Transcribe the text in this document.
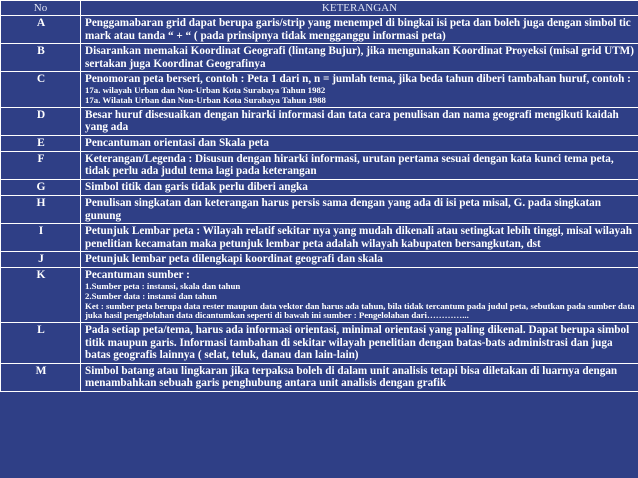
No	KETERANGAN
A	Penggamabaran grid dapat berupa garis/strip yang menempel di bingkai isi peta dan boleh juga dengan simbol tic mark atau tanda “ + “ ( pada prinsipnya tidak mengganggu informasi peta)
B	Disarankan memakai Koordinat Geografi (lintang Bujur), jika mengunakan Koordinat Proyeksi (misal grid UTM) sertakan juga Koordinat Geografinya
C	Penomoran peta berseri, contoh : Peta 1 dari n, n = jumlah tema, jika beda tahun diberi tambahan huruf, contoh :
17a. wilayah Urban dan Non-Urban Kota Surabaya Tahun 1982
17a. Wilatah Urban dan Non-Urban Kota Surabaya Tahun 1988

D	Besar huruf disesuaikan dengan hirarki informasi dan tata cara penulisan dan nama geografi mengikuti kaidah yang ada
E	Pencantuman orientasi dan Skala peta
F	Keterangan/Legenda : Disusun dengan hirarki informasi, urutan pertama sesuai dengan kata kunci tema peta, tidak perlu ada judul tema lagi pada keterangan
G	Simbol titik dan garis tidak perlu diberi angka
H	Penulisan singkatan dan keterangan harus persis sama dengan yang ada di isi peta misal, G. pada singkatan gunung
I	Petunjuk Lembar peta : Wilayah relatif sekitar nya yang mudah dikenali atau setingkat lebih tinggi, misal wilayah penelitian kecamatan maka petunjuk lembar peta adalah wilayah kabupaten bersangkutan, dst
J	Petunjuk lembar peta dilengkapi koordinat geografi dan skala
K	Pecantuman sumber :
1.Sumber peta : instansi, skala dan tahun
2.Sumber data : instansi dan tahun
Ket : sumber peta berupa data rester maupun data vektor dan harus ada tahun, bila tidak tercantum pada judul peta, sebutkan pada sumber data juka hasil pengelolahan data dicantumkan seperti di bawah ini sumber : Pengelolahan dari…………...

L	Pada setiap peta/tema, harus ada informasi orientasi, minimal orientasi yang paling dikenal. Dapat berupa simbol titik maupun garis. Informasi tambahan di sekitar wilayah penelitian dengan batas-bats administrasi dan juga batas geografis lainnya ( selat, teluk, danau dan lain-lain)
M	Simbol batang atau lingkaran jika terpaksa boleh di dalam unit analisis tetapi bisa diletakan di luarnya dengan menambahkan sebuah garis penghubung antara unit analisis dengan grafik
